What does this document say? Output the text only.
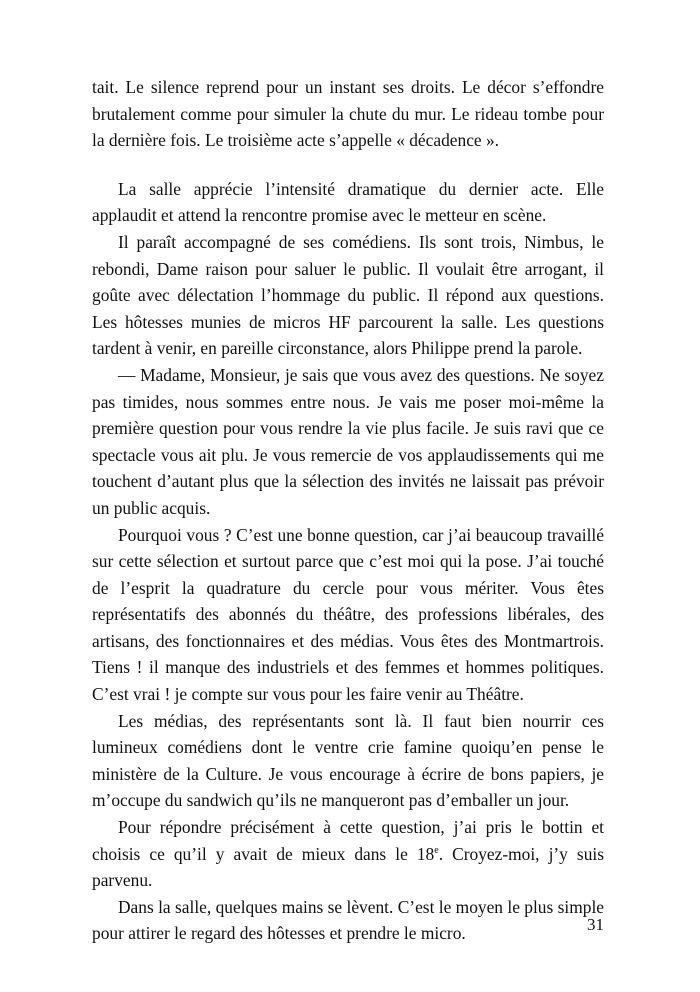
tait. Le silence reprend pour un instant ses droits. Le décor s’effondre brutalement comme pour simuler la chute du mur. Le rideau tombe pour la dernière fois. Le troisième acte s’appelle « décadence ».

La salle apprécie l’intensité dramatique du dernier acte. Elle applaudit et attend la rencontre promise avec le metteur en scène.

Il paraît accompagné de ses comédiens. Ils sont trois, Nimbus, le rebondi, Dame raison pour saluer le public. Il voulait être arrogant, il goûte avec délectation l’hommage du public. Il répond aux questions. Les hôtesses munies de micros HF parcourent la salle. Les questions tardent à venir, en pareille circonstance, alors Philippe prend la parole.

— Madame, Monsieur, je sais que vous avez des questions. Ne soyez pas timides, nous sommes entre nous. Je vais me poser moi-même la première question pour vous rendre la vie plus facile. Je suis ravi que ce spectacle vous ait plu. Je vous remercie de vos applaudissements qui me touchent d’autant plus que la sélection des invités ne laissait pas prévoir un public acquis.

Pourquoi vous ? C’est une bonne question, car j’ai beaucoup travaillé sur cette sélection et surtout parce que c’est moi qui la pose. J’ai touché de l’esprit la quadrature du cercle pour vous mériter. Vous êtes représentatifs des abonnés du théâtre, des professions libérales, des artisans, des fonctionnaires et des médias. Vous êtes des Montmartrois. Tiens ! il manque des industriels et des femmes et hommes politiques. C’est vrai ! je compte sur vous pour les faire venir au Théâtre.

Les médias, des représentants sont là. Il faut bien nourrir ces lumineux comédiens dont le ventre crie famine quoiqu’en pense le ministère de la Culture. Je vous encourage à écrire de bons papiers, je m’occupe du sandwich qu’ils ne manqueront pas d’emballer un jour.

Pour répondre précisément à cette question, j’ai pris le bottin et choisis ce qu’il y avait de mieux dans le 18e. Croyez-moi, j’y suis parvenu.

Dans la salle, quelques mains se lèvent. C’est le moyen le plus simple pour attirer le regard des hôtesses et prendre le micro.	31
